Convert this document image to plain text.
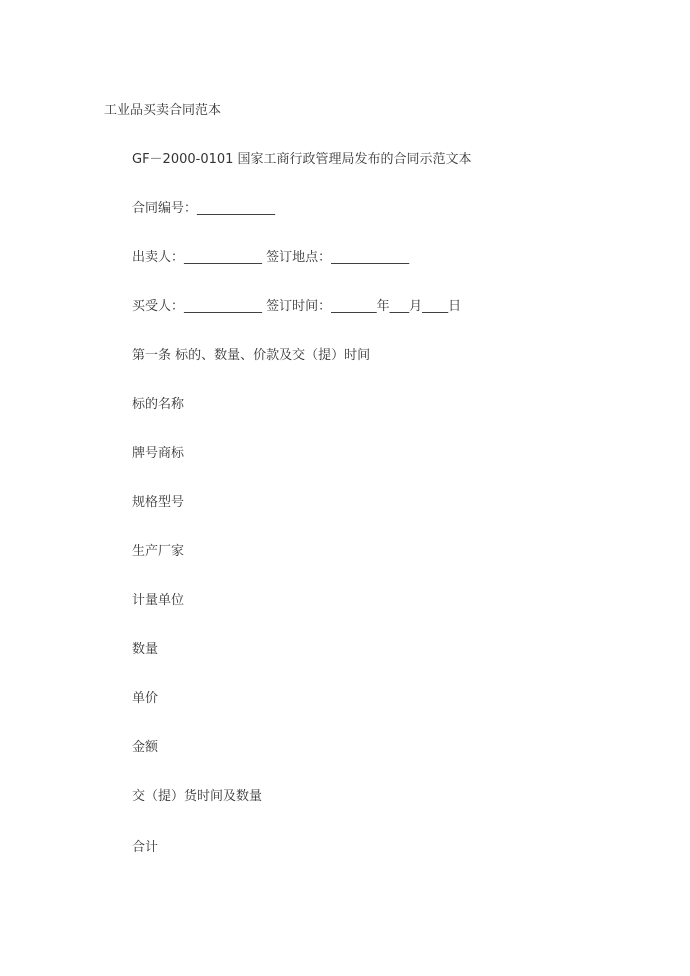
工业品买卖合同范本
GF－2000-0101 国家工商行政管理局发布的合同示范文本
合同编号：____________
出卖人：____________ 签订地点：____________
买受人：____________ 签订时间：_______年___月____日
第一条 标的、数量、价款及交（提）时间
标的名称
牌号商标
规格型号
生产厂家
计量单位
数量
单价
金额
交（提）货时间及数量
合计
